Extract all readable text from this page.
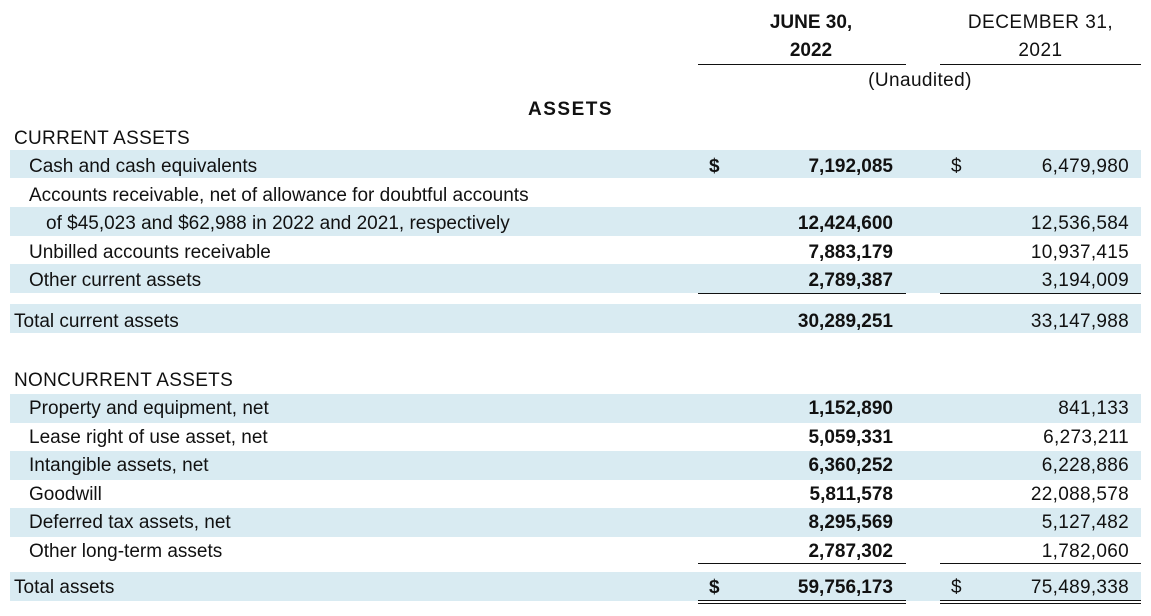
JUNE 30,
2022
DECEMBER 31,
2021
(Unaudited)
ASSETS
CURRENT ASSETS
Cash and cash equivalents	$	7,192,085	$	6,479,980
Accounts receivable, net of allowance for doubtful accounts
of $45,023 and $62,988 in 2022 and 2021, respectively	12,424,600	12,536,584
Unbilled accounts receivable	7,883,179	10,937,415
Other current assets	2,789,387	3,194,009
Total current assets	30,289,251	33,147,988
NONCURRENT ASSETS
Property and equipment, net	1,152,890	841,133
Lease right of use asset, net	5,059,331	6,273,211
Intangible assets, net	6,360,252	6,228,886
Goodwill	5,811,578	22,088,578
Deferred tax assets, net	8,295,569	5,127,482
Other long-term assets	2,787,302	1,782,060
Total assets	$	59,756,173	$	75,489,338
